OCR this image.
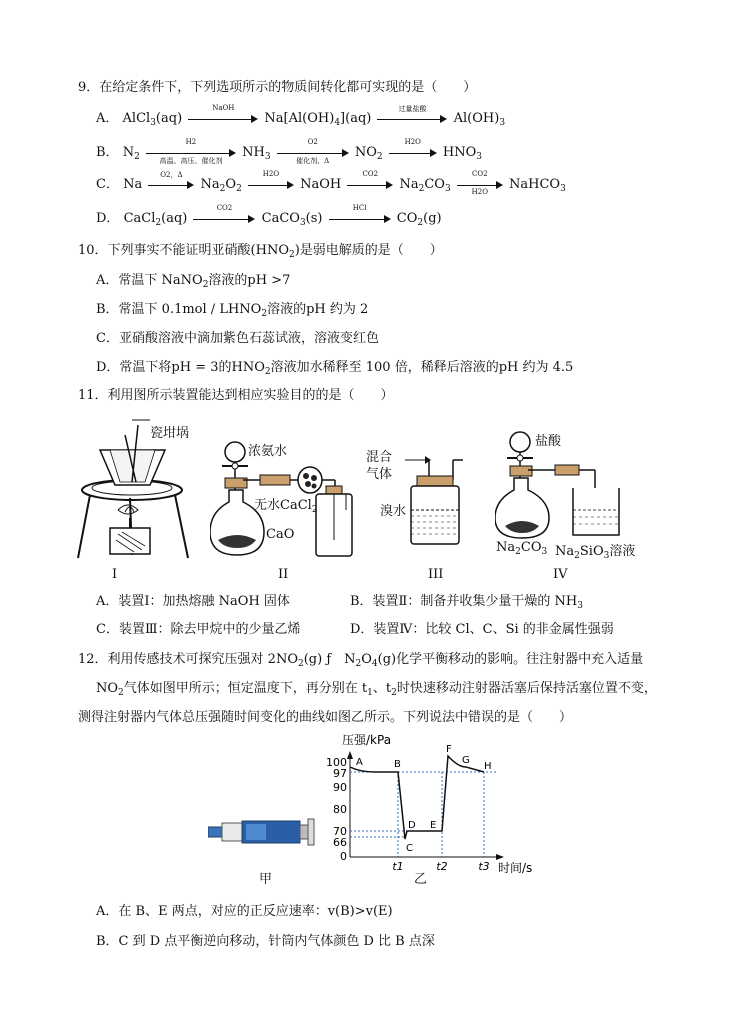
9．在给定条件下，下列选项所示的物质间转化都可实现的是（　　）
A． AlCl$_3$(aq)
NaOH
$Na[Al(OH)_4](aq)$
过量盐酸
$Al(OH)_3$
B． $N_2$
H2
高温、高压、催化剂
$NH_3$
O2
催化剂、Δ
$NO_2$
H2O
$HNO_3$
C． Na
O2，Δ
$Na_2O_2$
H2O
NaOH
CO2
$Na_2CO_3 \frac{CO2}{H2O}$ NaHCO$_3$
D． CaCl$_2$(aq)
CO2
CaCO$_3$(s)
HCl
$CO_2(g)$
10．下列事实不能证明亚硝酸$(HNO_2)$是弱电解质的是（　　）
A．常温下 NaNO$_2$溶液的pH >7
B．常温下 $0.1mol / LHNO_2$溶液的pH 约为 2
C．亚硝酸溶液中滴加紫色石蕊试液，溶液变红色
D．常温下将pH = 3的$HNO_2$溶液加水稀释至 100 倍，稀释后溶液的pH 约为 4.5
11．利用图所示装置能达到相应实验目的的是（　　）
瓷坩埚
I
浓氨水
无水CaCl$_2$
CaO
II
混合
气体
溴水
III
盐酸
$Na_2CO_3$ $Na_2SiO_3$溶液
IV
A．装置Ⅰ：加热熔融 NaOH 固体	B．装置Ⅱ：制备并收集少量干燥的 $NH_3$
C．装置Ⅲ：除去甲烷中的少量乙烯	D．装置Ⅳ：比较 Cl、C、Si 的非金属性强弱
12．利用传感技术可探究压强对 $2NO_2(g)$ ƒ　$N_2O_4(g)$化学平衡移动的影响。往注射器中充入适量
$NO_2$气体如图甲所示；恒定温度下，再分别在 $t_1$、$t_2$时快速移动注射器活塞后保持活塞位置不变，
测得注射器内气体总压强随时间变化的曲线如图乙所示。下列说法中错误的是（　　）
甲
压强/kPa
100
97
90
80
70
66
0
t1	t2	t3 时间/s
A	B
C
D E
F
G
H
乙
A．在 B、E 两点，对应的正反应速率：v(B)>v(E)
B．C 到 D 点平衡逆向移动，针筒内气体颜色 D 比 B 点深
